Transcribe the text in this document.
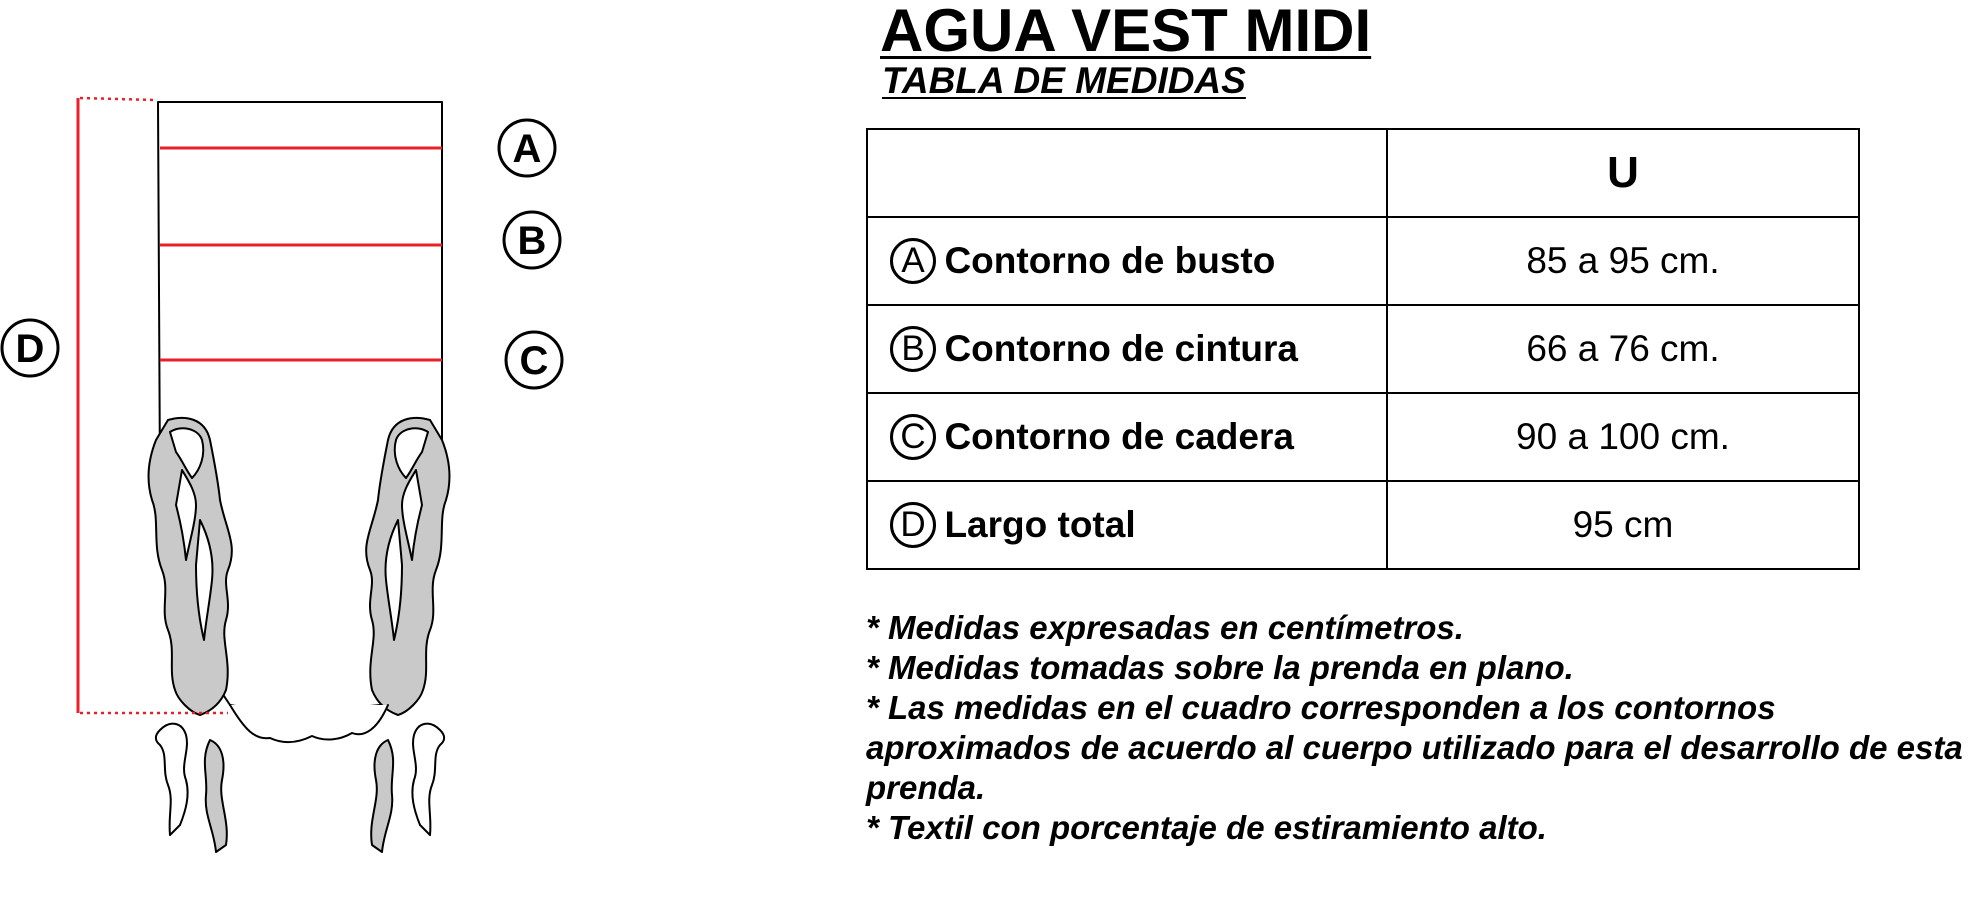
A
B
C
D
AGUA VEST MIDI
TABLA DE MEDIDAS
	U
A Contorno de busto	85 a 95 cm.
B Contorno de cintura	66 a 76 cm.
C Contorno de cadera	90 a 100 cm.
D Largo total	95 cm

* Medidas expresadas en centímetros.

* Medidas tomadas sobre la prenda en plano.

* Las medidas en el cuadro corresponden a los contornos aproximados de acuerdo al cuerpo utilizado para el desarrollo de esta prenda.

* Textil con porcentaje de estiramiento alto.
